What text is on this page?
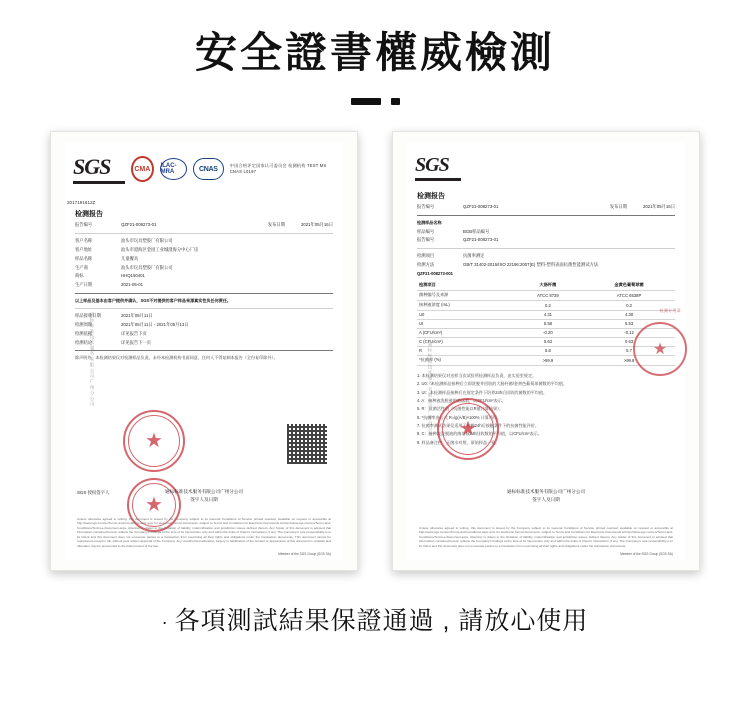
安全證書權威檢測
SGS	CMA	ILAC-MRA	CNAS
中国合格评定国家认可委员会 检测机构 TEST MS CNAS L0197
2017191612Z
检测报告
报告编号	QZF21-008273-01	发布日期	2021年05月16日
客户名称	汕头市玩具塑胶厂有限公司
客户地址	汕头市澄海区金园工业城澄海分中心厂房
样品名称	儿童餐具
生产商	汕头市玩具塑胶厂有限公司
商标	HHQ150401
生产日期	2021-05-01
以上样品及基本由客户提供并确认，SGS不对提供的客户样品来源真实性负任何责任。
样品接收日期	2021年05月11日
检测周期	2021年05月11日 - 2021年05月13日
检测依据	详见报告下页
检测结论	详见报告下一页
除声明外，本检测结果仅对检测样品负责。未经本检测机构书面同意，任何人不得复制本报告（全份复印除外）。
通标标准技术服务有限公司广州分公司
★
★
SGS 授权签字人	通标标准技术服务有限公司广州分公司
签字人及日期
Unless otherwise agreed in writing, this document is issued by the Company subject to its General Conditions of Service printed overleaf, available on request or accessible at http://www.sgs.com/en/Terms-and-Conditions.aspx and, for electronic format documents, subject to Terms and Conditions for Electronic Documents at http://www.sgs.com/en/Terms-and-Conditions/Terms-e-Document.aspx. Attention is drawn to the limitation of liability, indemnification and jurisdiction issues defined therein. Any holder of this document is advised that information contained hereon reflects the Company's findings at the time of its intervention only and within the limits of Client's instructions, if any. The Company's sole responsibility is to its Client and this document does not exonerate parties to a transaction from exercising all their rights and obligations under the transaction documents. This document cannot be reproduced except in full, without prior written approval of the Company. Any unauthorized alteration, forgery or falsification of the content or appearance of this document is unlawful and offenders may be prosecuted to the fullest extent of the law.
Member of the SGS Group (SGS SA)
SGS
检测报告
报告编号	QZF21-008273-01	发布日期	2021年05月16日
检测样品名称
样品编号	BGB样品编号
报告编号	QZF21-008273-01
检测项目	抗菌率测定
检测方法	GB/T 31402-2015/ISO 22196:2007(E) 塑料-塑料表面抗菌性能测试方法
QZF21-008273-001
检测项目	大肠杆菌	金黄色葡萄球菌
菌种编号及来源	ATCC 8739	ATCC 6538P
接种液浓度 (mL)	0.2	0.2
U0	4.31	4.30
Ut	5.58	5.53
A (CFU/cm²)	-0.20	-0.12
C (CFU/cm²)	0.63	0.63
R	5.8	5.7
*抗菌率 (%)	>99.9	>99.9
1. 本检测结果仅对送样当次试验所检测样品负责，由实验室规定。
2. U0：本检测样品接种后立即洗脱并回收的大肠杆菌/金黄色葡萄球菌数的平均值。
3. Ut：本检测样品接种后在规定条件下培养24h后回收的菌数的平均值。
4. A：接种液洗脱液的菌落数，以CFU/cm²表示。
5. R：抗菌活性值（抗菌性能以R值计算结果）。
6. *抗菌率由公式 R=lg(A/B)×100% 计算所得。
7. 抗菌率测试结果仅适用于接种24h后接触条件下的抗菌性能评价。
8. C：接种液洗脱液的菌落数24h回收数的平均值，以CFU/cm²表示。
9. 样品备注栏：无菌水对照，原始样品一致。
通标标准技术服务有限公司广州分公司	★
检测专用章
★
通标标准技术服务有限公司广州分公司
签字人及日期
Unless otherwise agreed in writing, this document is issued by the Company subject to its General Conditions of Service printed overleaf, available on request or accessible at http://www.sgs.com/en/Terms-and-Conditions.aspx and, for electronic format documents, subject to Terms and Conditions for Electronic Documents at http://www.sgs.com/en/Terms-and-Conditions/Terms-e-Document.aspx. Attention is drawn to the limitation of liability, indemnification and jurisdiction issues defined therein. Any holder of this document is advised that information contained hereon reflects the Company's findings at the time of its intervention only and within the limits of Client's instructions, if any. The Company's sole responsibility is to its Client and this document does not exonerate parties to a transaction from exercising all their rights and obligations under the transaction documents.
Member of the SGS Group (SGS SA)
· 各項測試結果保證通過 , 請放心使用
